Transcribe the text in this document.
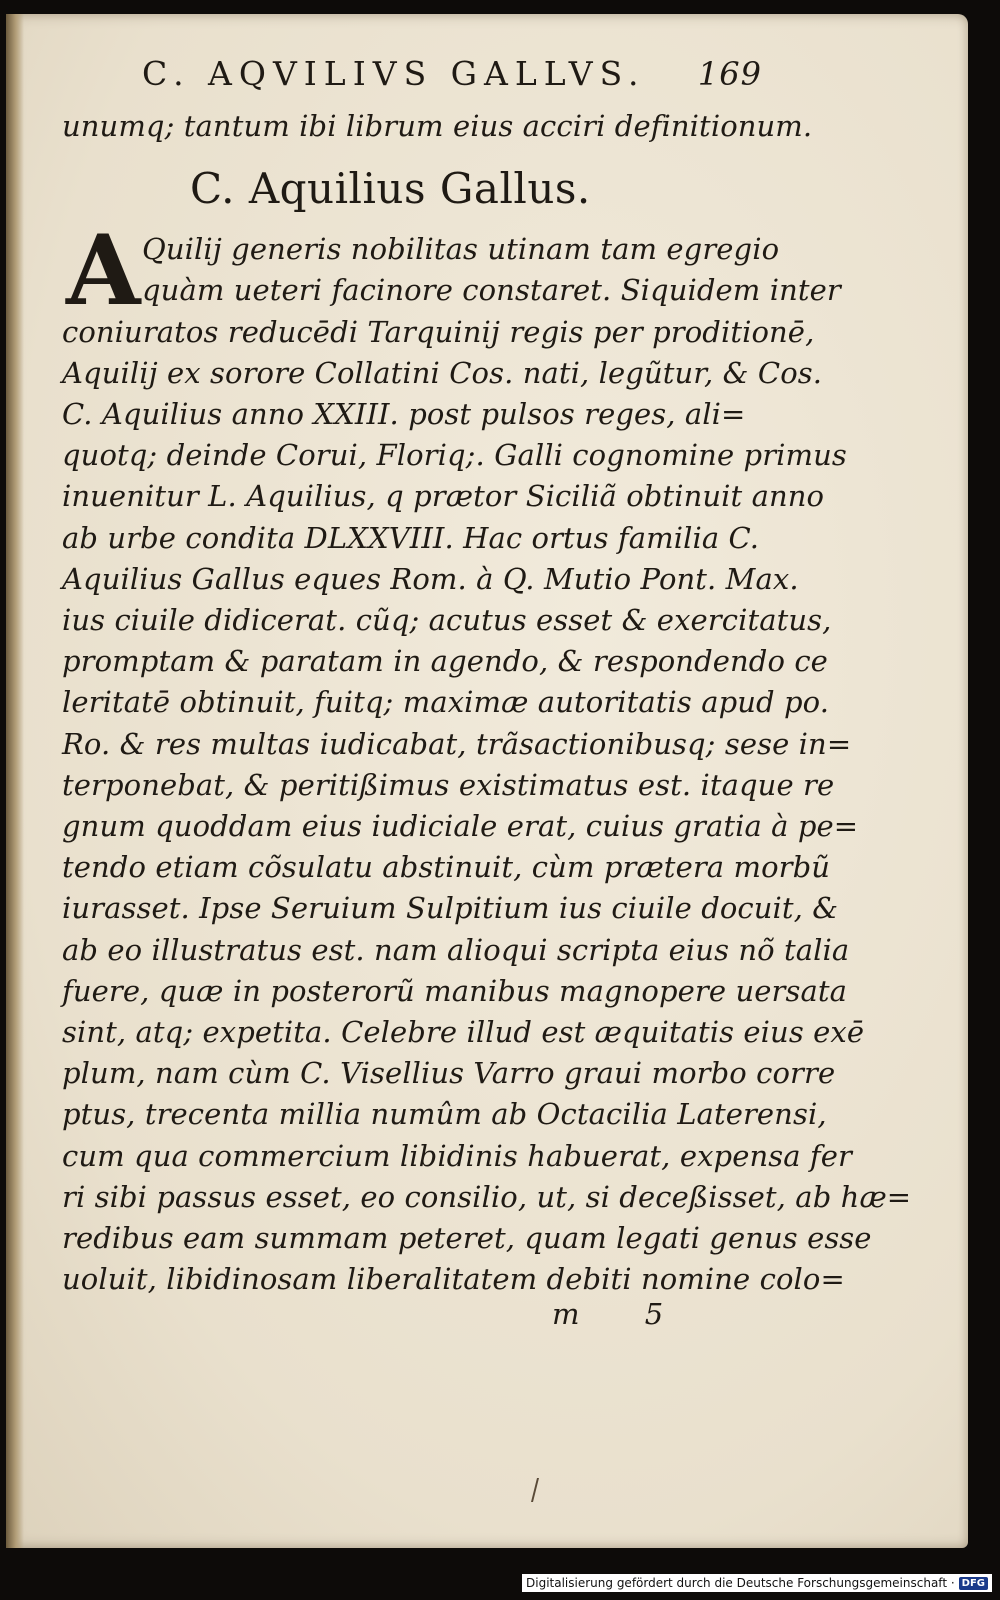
C. AQVILIVS GALLVS. 169
unumq; tantum ibi librum eius acciri definitionum.
C. Aquilius Gallus.
A Quilij generis nobilitas utinam tam egregio
quàm ueteri facinore constaret. Siquidem inter
coniuratos reducēdi Tarquinij regis per proditionē,
Aquilij ex sorore Collatini Cos. nati, legũtur, & Cos.
C. Aquilius anno XXIII. post pulsos reges, ali=
quotq; deinde Corui, Floriq;. Galli cognomine primus
inuenitur L. Aquilius, q prætor Siciliã obtinuit anno
ab urbe condita DLXXVIII. Hac ortus familia C.
Aquilius Gallus eques Rom. à Q. Mutio Pont. Max.
ius ciuile didicerat. cũq; acutus esset & exercitatus,
promptam & paratam in agendo, & respondendo ce
leritatē obtinuit, fuitq; maximæ autoritatis apud po.
Ro. & res multas iudicabat, trãsactionibusq; sese in=
terponebat, & peritißimus existimatus est. itaque re
gnum quoddam eius iudiciale erat, cuius gratia à pe=
tendo etiam cõsulatu abstinuit, cùm prætera morbũ
iurasset. Ipse Seruium Sulpitium ius ciuile docuit, &
ab eo illustratus est. nam alioqui scripta eius nõ talia
fuere, quæ in posterorũ manibus magnopere uersata
sint, atq; expetita. Celebre illud est æquitatis eius exē
plum, nam cùm C. Visellius Varro graui morbo corre
ptus, trecenta millia numûm ab Octacilia Laterensi,
cum qua commercium libidinis habuerat, expensa fer
ri sibi passus esset, eo consilio, ut, si deceßisset, ab hæ=
redibus eam summam peteret, quam legati genus esse
uoluit, libidinosam liberalitatem debiti nomine colo=
m 5
Digitalisierung gefördert durch die Deutsche Forschungsgemeinschaft · DFG
